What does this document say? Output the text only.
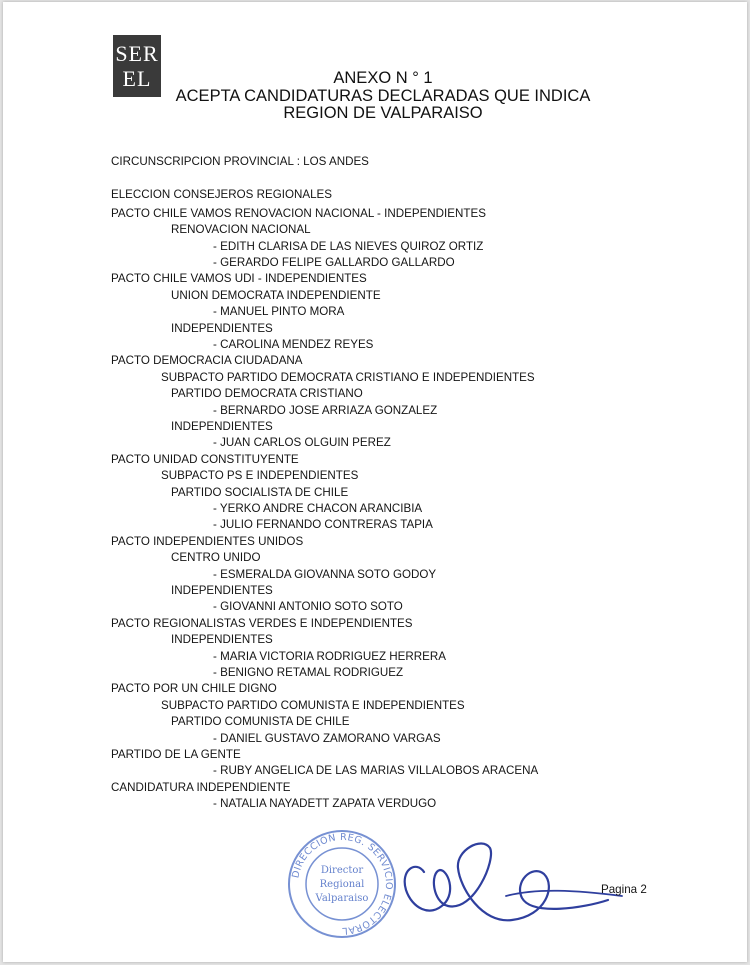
SER
EL	ANEXO N ° 1
ACEPTA CANDIDATURAS DECLARADAS QUE INDICA
REGION DE VALPARAISO
CIRCUNSCRIPCION PROVINCIAL : LOS ANDES
ELECCION CONSEJEROS REGIONALES
PACTO CHILE VAMOS RENOVACION NACIONAL - INDEPENDIENTES
RENOVACION NACIONAL
- EDITH CLARISA DE LAS NIEVES QUIROZ ORTIZ
- GERARDO FELIPE GALLARDO GALLARDO
PACTO CHILE VAMOS UDI - INDEPENDIENTES
UNION DEMOCRATA INDEPENDIENTE
- MANUEL PINTO MORA
INDEPENDIENTES
- CAROLINA MENDEZ REYES
PACTO DEMOCRACIA CIUDADANA
SUBPACTO PARTIDO DEMOCRATA CRISTIANO E INDEPENDIENTES
PARTIDO DEMOCRATA CRISTIANO
- BERNARDO JOSE ARRIAZA GONZALEZ
INDEPENDIENTES
- JUAN CARLOS OLGUIN PEREZ
PACTO UNIDAD CONSTITUYENTE
SUBPACTO PS E INDEPENDIENTES
PARTIDO SOCIALISTA DE CHILE
- YERKO ANDRE CHACON ARANCIBIA
- JULIO FERNANDO CONTRERAS TAPIA
PACTO INDEPENDIENTES UNIDOS
CENTRO UNIDO
- ESMERALDA GIOVANNA SOTO GODOY
INDEPENDIENTES
- GIOVANNI ANTONIO SOTO SOTO
PACTO REGIONALISTAS VERDES E INDEPENDIENTES
INDEPENDIENTES
- MARIA VICTORIA RODRIGUEZ HERRERA
- BENIGNO RETAMAL RODRIGUEZ
PACTO POR UN CHILE DIGNO
SUBPACTO PARTIDO COMUNISTA E INDEPENDIENTES
PARTIDO COMUNISTA DE CHILE
- DANIEL GUSTAVO ZAMORANO VARGAS
PARTIDO DE LA GENTE
- RUBY ANGELICA DE LAS MARIAS VILLALOBOS ARACENA
CANDIDATURA INDEPENDIENTE
- NATALIA NAYADETT ZAPATA VERDUGO
DIRECCION REG. SERVICIO ELECTORAL
Director
Regional
Valparaiso
Pagina 2
